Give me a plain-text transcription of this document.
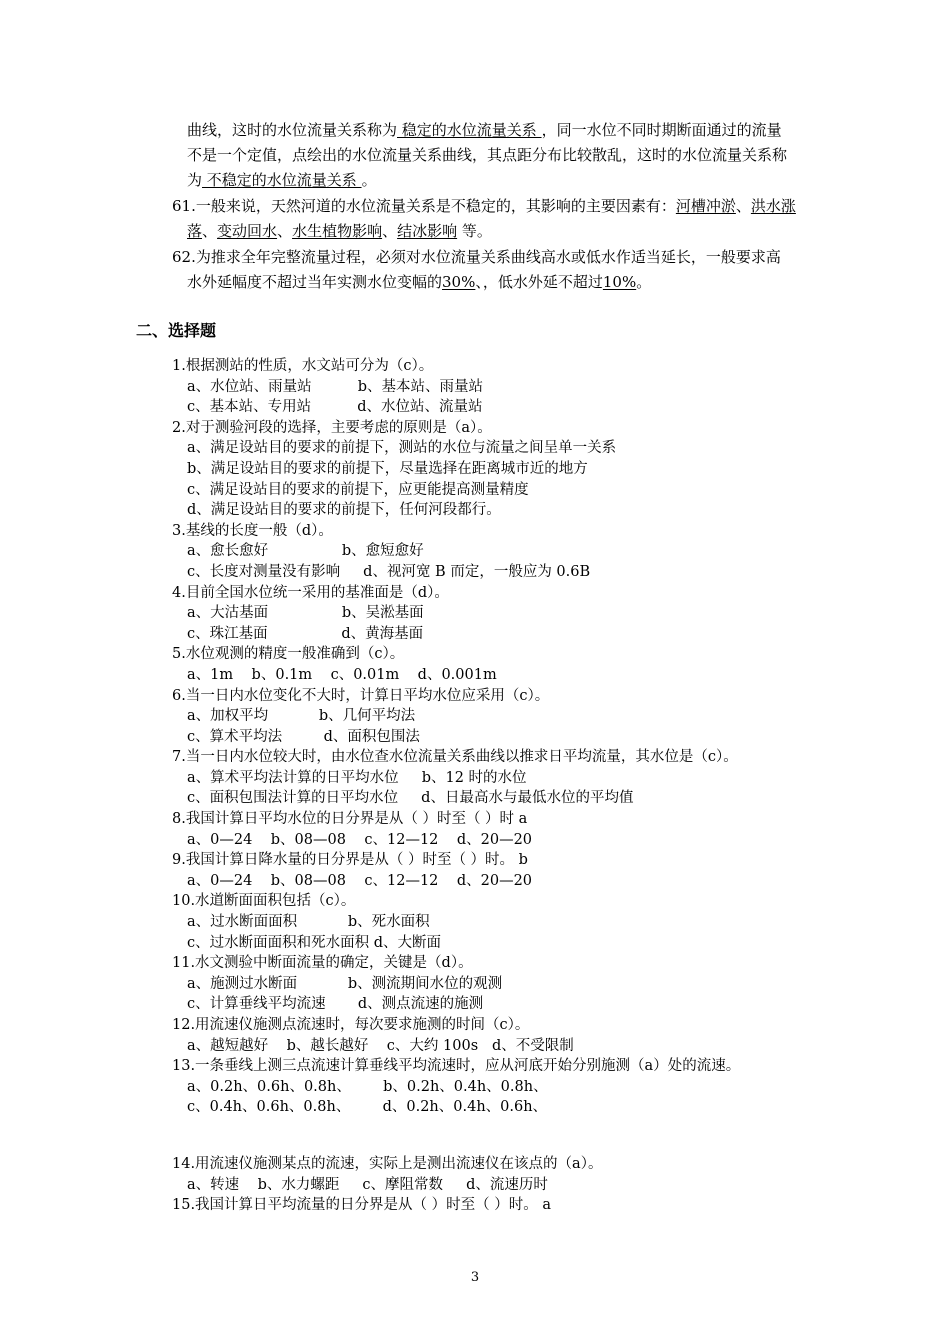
曲线，这时的水位流量关系称为 稳定的水位流量关系 ，同一水位不同时期断面通过的流量
不是一个定值，点绘出的水位流量关系曲线，其点距分布比较散乱，这时的水位流量关系称
为 不稳定的水位流量关系 。
61.一般来说，天然河道的水位流量关系是不稳定的，其影响的主要因素有：河槽冲淤、洪水涨
落、变动回水、水生植物影响、结冰影响 等。
62.为推求全年完整流量过程，必须对水位流量关系曲线高水或低水作适当延长，一般要求高
水外延幅度不超过当年实测水位变幅的30%、，低水外延不超过10%。
二、选择题
1.根据测站的性质，水文站可分为（c）。
a、水位站、雨量站          b、基本站、雨量站
c、基本站、专用站          d、水位站、流量站
2.对于测验河段的选择，主要考虑的原则是（a）。
a、满足设站目的要求的前提下，测站的水位与流量之间呈单一关系
b、满足设站目的要求的前提下，尽量选择在距离城市近的地方
c、满足设站目的要求的前提下，应更能提高测量精度
d、满足设站目的要求的前提下，任何河段都行。
3.基线的长度一般（d）。
a、愈长愈好                b、愈短愈好
c、长度对测量没有影响     d、视河宽 B 而定，一般应为 0.6B
4.目前全国水位统一采用的基准面是（d）。
a、大沽基面                b、吴淞基面
c、珠江基面                d、黄海基面
5.水位观测的精度一般准确到（c）。
a、1m    b、0.1m    c、0.01m    d、0.001m
6.当一日内水位变化不大时，计算日平均水位应采用（c）。
a、加权平均           b、几何平均法
c、算术平均法         d、面积包围法
7.当一日内水位较大时，由水位查水位流量关系曲线以推求日平均流量，其水位是（c）。
a、算术平均法计算的日平均水位     b、12 时的水位
c、面积包围法计算的日平均水位     d、日最高水与最低水位的平均值
8.我国计算日平均水位的日分界是从（ ）时至（ ）时 a
a、0—24    b、08—08    c、12—12    d、20—20
9.我国计算日降水量的日分界是从（ ）时至（ ）时。 b
a、0—24    b、08—08    c、12—12    d、20—20
10.水道断面面积包括（c）。
a、过水断面面积           b、死水面积
c、过水断面面积和死水面积 d、大断面
11.水文测验中断面流量的确定，关键是（d）。
a、施测过水断面           b、测流期间水位的观测
c、计算垂线平均流速       d、测点流速的施测
12.用流速仪施测点流速时，每次要求施测的时间（c）。
a、越短越好    b、越长越好    c、大约 100s   d、不受限制
13.一条垂线上测三点流速计算垂线平均流速时，应从河底开始分别施测（a）处的流速。
a、0.2h、0.6h、0.8h、       b、0.2h、0.4h、0.8h、
c、0.4h、0.6h、0.8h、       d、0.2h、0.4h、0.6h、
14.用流速仪施测某点的流速，实际上是测出流速仪在该点的（a）。
a、转速    b、水力螺距     c、摩阻常数     d、流速历时
15.我国计算日平均流量的日分界是从（ ）时至（ ）时。 a
3
